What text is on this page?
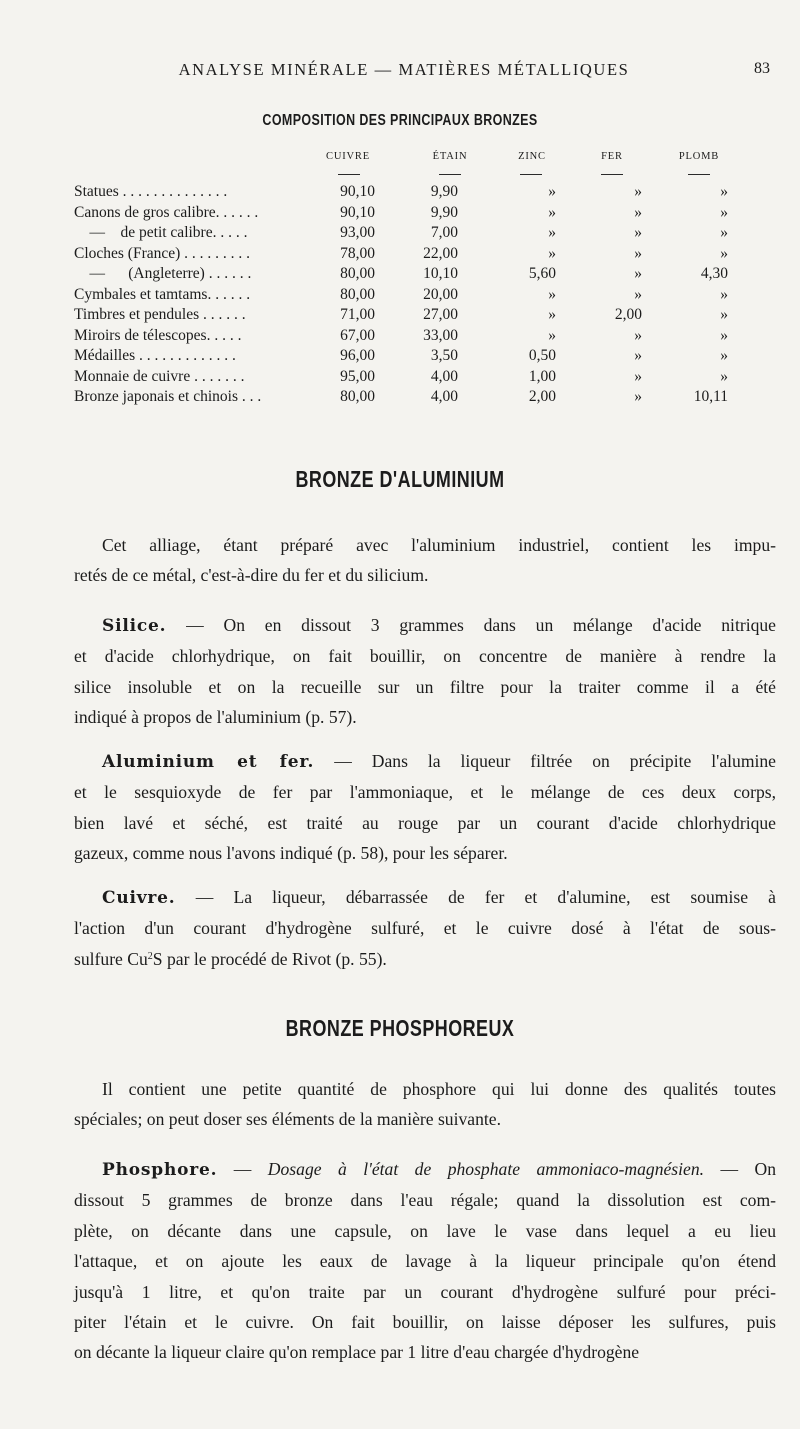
ANALYSE MINÉRALE — MATIÈRES MÉTALLIQUES	83
COMPOSITION DES PRINCIPAUX BRONZES
CUIVRE	ÉTAIN	ZINC	FER	PLOMB
Statues . . . . . . . . . . . . . .	90,10	9,90	»	»	»
Canons de gros calibre. . . . . .	90,10	9,90	»	»	»
—    de petit calibre. . . . .	93,00	7,00	»	»	»
Cloches (France) . . . . . . . . .	78,00	22,00	»	»	»
—      (Angleterre) . . . . . .	80,00	10,10	5,60	»	4,30
Cymbales et tamtams. . . . . .	80,00	20,00	»	»	»
Timbres et pendules . . . . . .	71,00	27,00	»	2,00	»
Miroirs de télescopes. . . . .	67,00	33,00	»	»	»
Médailles . . . . . . . . . . . . .	96,00	3,50	0,50	»	»
Monnaie de cuivre . . . . . . .	95,00	4,00	1,00	»	»
Bronze japonais et chinois . . .	80,00	4,00	2,00	»	10,11
BRONZE D'ALUMINIUM

Cet alliage, étant préparé avec l'aluminium industriel, contient les impu-
retés de ce métal, c'est-à-dire du fer et du silicium.

Silice. — On en dissout 3 grammes dans un mélange d'acide nitrique
et d'acide chlorhydrique, on fait bouillir, on concentre de manière à rendre la
silice insoluble et on la recueille sur un filtre pour la traiter comme il a été
indiqué à propos de l'aluminium (p. 57).

Aluminium et fer. — Dans la liqueur filtrée on précipite l'alumine
et le sesquioxyde de fer par l'ammoniaque, et le mélange de ces deux corps,
bien lavé et séché, est traité au rouge par un courant d'acide chlorhydrique
gazeux, comme nous l'avons indiqué (p. 58), pour les séparer.

Cuivre. — La liqueur, débarrassée de fer et d'alumine, est soumise à
l'action d'un courant d'hydrogène sulfuré, et le cuivre dosé à l'état de sous-
sulfure Cu$^2$S par le procédé de Rivot (p. 55).

BRONZE PHOSPHOREUX

Il contient une petite quantité de phosphore qui lui donne des qualités toutes
spéciales; on peut doser ses éléments de la manière suivante.

Phosphore. — Dosage à l'état de phosphate ammoniaco-magnésien. — On
dissout 5 grammes de bronze dans l'eau régale; quand la dissolution est com-
plète, on décante dans une capsule, on lave le vase dans lequel a eu lieu
l'attaque, et on ajoute les eaux de lavage à la liqueur principale qu'on étend
jusqu'à 1 litre, et qu'on traite par un courant d'hydrogène sulfuré pour préci-
piter l'étain et le cuivre. On fait bouillir, on laisse déposer les sulfures, puis
on décante la liqueur claire qu'on remplace par 1 litre d'eau chargée d'hydrogène
